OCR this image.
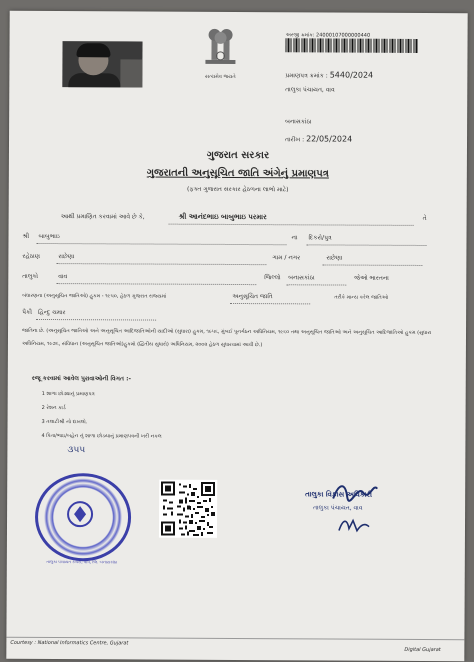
સત્યમેવ જયતે
અરજી ક્રમાંક: 24000107000000440
પ્રમાણપત્ર ક્રમાંક : 5440/2024
તાલુકા પંચાયત, વાવ
બનાસકાંઠા
તારીખ : 22/05/2024
ગુજરાત સરકાર
ગુજરાતની અનુસૂચિત જાતિ અંગેનું પ્રમાણપત્ર
(ફક્ત ગુજરાત સરકાર હેઠળના લાભો માટે)
આથી પ્રમાણિત કરવામાં આવે છે કે,	શ્રી આનંદભાઇ બાબુભાઇ પરમાર	તે
શ્રી બાબુભાઇ	ના દિકરો/પુત્ર
રહેઠાણ	રાછેણા	ગામ / નગર	રાછેણા
તાલુકો	વાવ	જિલ્લો બનાસકાંઠા	જેઓ ભારતના
બંધારણના (અનુસૂચિત જાતિઓ) હુકમ - ૧૯૫૦, હેઠળ ગુજરાત રાજ્યમાં	અનુસૂચિત જાતિ	તરીકે માન્ય કરેલ જાતિઓ
પૈકી હિન્દુ ચમાર
જાતિના છે. (અનુસૂચિત જાતિઓ અને અનુસૂચિત આદિજાતિઓની યાદીઓ (સુધારા) હુકમ, ૧૯૫૬, મુંબઈ પુનર્ગઠન અધિનિયમ, ૧૯૬૦ તથા અનુસૂચિત જાતિઓ અને અનુસૂચિત આદિજાતિઓ હુકમ (સુધારા અધિનિયમ, ૧૯૭૬, સંવિધાન (અનુસૂચિત જાતિઓ)હુકમો (દ્વિતીય સુધારો) અધિનિયમ, ૨૦૦૨ હેઠળ સુધારવામાં આવી છે.)
રજૂ કરવામાં આવેલ પુરાવાઓની વિગત :-
1 શાળા છોડ્યાનું પ્રમાણપત્ર
2 રેશન કાર્ડ
3 તલાટીશ્રી નો દાખલો.
4 પિતા/ભાઇ/બહેન નું શાળા છોડયાનું પ્રમાણપત્રની ખરી નકલ
૩૫૫
તાલુકા પંચાયત કચેરી, વાવ, જિ. બનાસકાંઠા
તાલુકા વિકાસ અધિકારી
તાલુકા પંચાયત, વાવ
Courtesy : National Informatics Centre, Gujarat
Digital Gujarat
